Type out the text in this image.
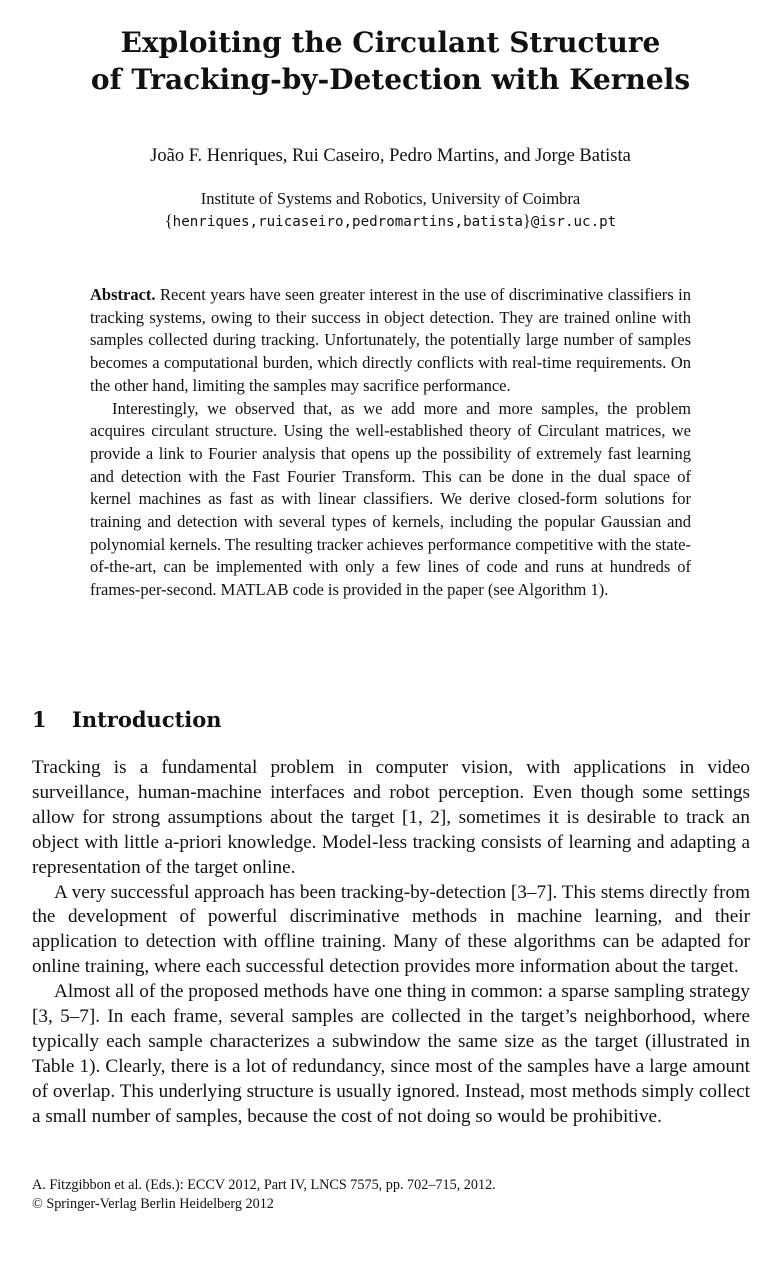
Exploiting the Circulant Structure
of Tracking-by-Detection with Kernels
João F. Henriques, Rui Caseiro, Pedro Martins, and Jorge Batista
Institute of Systems and Robotics, University of Coimbra
{henriques,ruicaseiro,pedromartins,batista}@isr.uc.pt

Abstract. Recent years have seen greater interest in the use of discriminative classifiers in tracking systems, owing to their success in object detection. They are trained online with samples collected during tracking. Unfortunately, the potentially large number of samples becomes a computational burden, which directly conflicts with real-time requirements. On the other hand, limiting the samples may sacrifice performance.

Interestingly, we observed that, as we add more and more samples, the problem acquires circulant structure. Using the well-established theory of Circulant matrices, we provide a link to Fourier analysis that opens up the possibility of extremely fast learning and detection with the Fast Fourier Transform. This can be done in the dual space of kernel machines as fast as with linear classifiers. We derive closed-form solutions for training and detection with several types of kernels, including the popular Gaussian and polynomial kernels. The resulting tracker achieves performance competitive with the state-of-the-art, can be implemented with only a few lines of code and runs at hundreds of frames-per-second. MATLAB code is provided in the paper (see Algorithm 1).

1 Introduction

Tracking is a fundamental problem in computer vision, with applications in video surveillance, human-machine interfaces and robot perception. Even though some settings allow for strong assumptions about the target [1, 2], sometimes it is desirable to track an object with little a-priori knowledge. Model-less tracking consists of learning and adapting a representation of the target online.

A very successful approach has been tracking-by-detection [3–7]. This stems directly from the development of powerful discriminative methods in machine learning, and their application to detection with offline training. Many of these algorithms can be adapted for online training, where each successful detection provides more information about the target.

Almost all of the proposed methods have one thing in common: a sparse sampling strategy [3, 5–7]. In each frame, several samples are collected in the target’s neighborhood, where typically each sample characterizes a subwindow the same size as the target (illustrated in Table 1). Clearly, there is a lot of redundancy, since most of the samples have a large amount of overlap. This underlying structure is usually ignored. Instead, most methods simply collect a small number of samples, because the cost of not doing so would be prohibitive.

A. Fitzgibbon et al. (Eds.): ECCV 2012, Part IV, LNCS 7575, pp. 702–715, 2012.
© Springer-Verlag Berlin Heidelberg 2012
